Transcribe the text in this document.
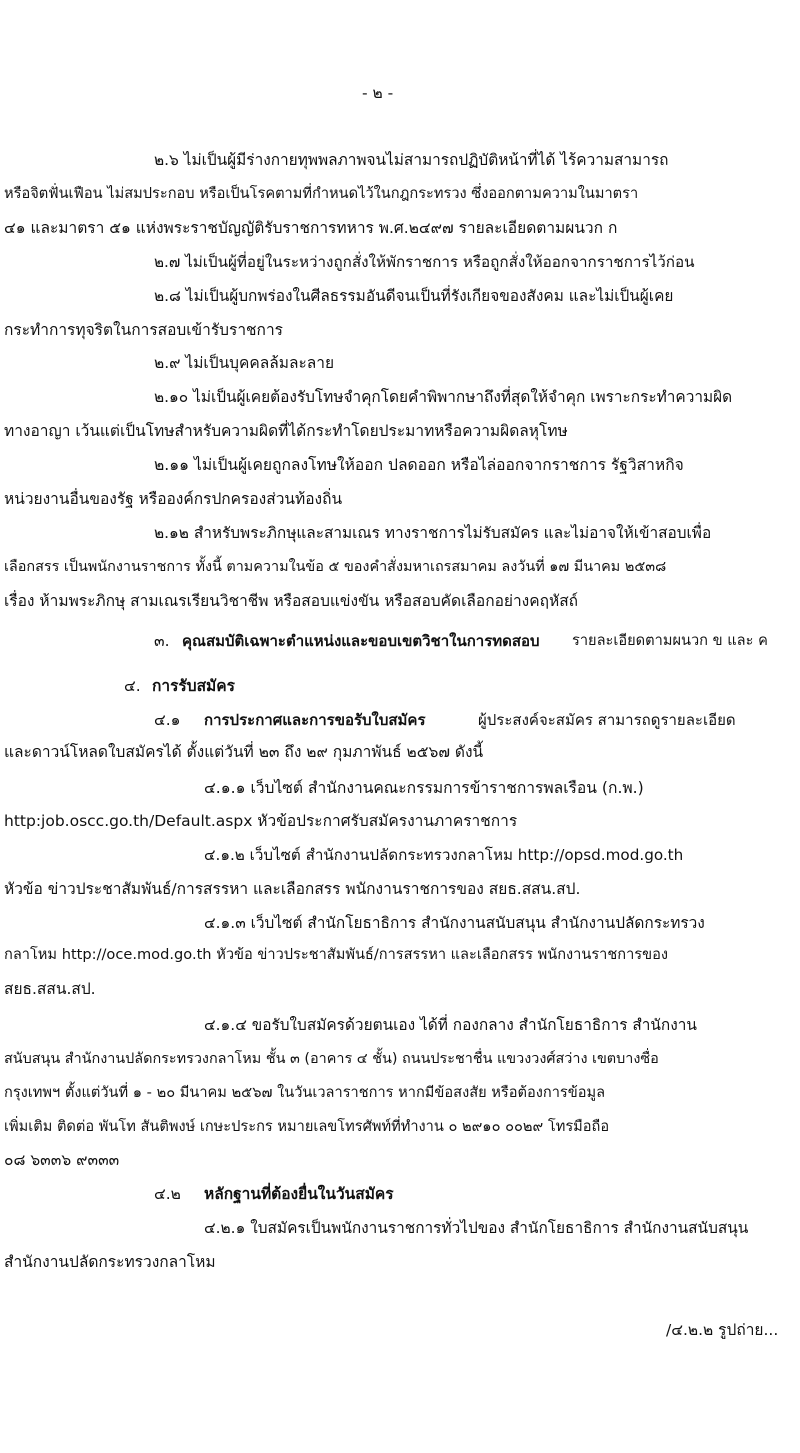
- ๒ -
๒.๖ ไม่เป็นผู้มีร่างกายทุพพลภาพจนไม่สามารถปฏิบัติหน้าที่ได้ ไร้ความสามารถ
หรือจิตฟั่นเฟือน ไม่สมประกอบ หรือเป็นโรคตามที่กำหนดไว้ในกฎกระทรวง ซึ่งออกตามความในมาตรา
๔๑ และมาตรา ๕๑ แห่งพระราชบัญญัติรับราชการทหาร พ.ศ.๒๔๙๗ รายละเอียดตามผนวก ก
๒.๗ ไม่เป็นผู้ที่อยู่ในระหว่างถูกสั่งให้พักราชการ หรือถูกสั่งให้ออกจากราชการไว้ก่อน
๒.๘ ไม่เป็นผู้บกพร่องในศีลธรรมอันดีจนเป็นที่รังเกียจของสังคม และไม่เป็นผู้เคย
กระทำการทุจริตในการสอบเข้ารับราชการ
๒.๙ ไม่เป็นบุคคลล้มละลาย
๒.๑๐ ไม่เป็นผู้เคยต้องรับโทษจำคุกโดยคำพิพากษาถึงที่สุดให้จำคุก เพราะกระทำความผิด
ทางอาญา เว้นแต่เป็นโทษสำหรับความผิดที่ได้กระทำโดยประมาทหรือความผิดลหุโทษ
๒.๑๑ ไม่เป็นผู้เคยถูกลงโทษให้ออก ปลดออก หรือไล่ออกจากราชการ รัฐวิสาหกิจ
หน่วยงานอื่นของรัฐ หรือองค์กรปกครองส่วนท้องถิ่น
๒.๑๒ สำหรับพระภิกษุและสามเณร ทางราชการไม่รับสมัคร และไม่อาจให้เข้าสอบเพื่อ
เลือกสรร เป็นพนักงานราชการ ทั้งนี้ ตามความในข้อ ๕ ของคำสั่งมหาเถรสมาคม ลงวันที่ ๑๗ มีนาคม ๒๕๓๘
เรื่อง ห้ามพระภิกษุ สามเณรเรียนวิชาชีพ หรือสอบแข่งขัน หรือสอบคัดเลือกอย่างคฤหัสถ์
๓. คุณสมบัติเฉพาะตำแหน่งและขอบเขตวิชาในการทดสอบ รายละเอียดตามผนวก ข และ ค
๔. การรับสมัคร
๔.๑ การประกาศและการขอรับใบสมัคร	ผู้ประสงค์จะสมัคร สามารถดูรายละเอียด
และดาวน์โหลดใบสมัครได้ ตั้งแต่วันที่ ๒๓ ถึง ๒๙ กุมภาพันธ์ ๒๕๖๗ ดังนี้
๔.๑.๑ เว็บไซต์ สำนักงานคณะกรรมการข้าราชการพลเรือน (ก.พ.)
http:job.oscc.go.th/Default.aspx หัวข้อประกาศรับสมัครงานภาคราชการ
๔.๑.๒ เว็บไซต์ สำนักงานปลัดกระทรวงกลาโหม http://opsd.mod.go.th
หัวข้อ ข่าวประชาสัมพันธ์/การสรรหา และเลือกสรร พนักงานราชการของ สยธ.สสน.สป.
๔.๑.๓ เว็บไซต์ สำนักโยธาธิการ สำนักงานสนับสนุน สำนักงานปลัดกระทรวง
กลาโหม http://oce.mod.go.th หัวข้อ ข่าวประชาสัมพันธ์/การสรรหา และเลือกสรร พนักงานราชการของ
สยธ.สสน.สป.
๔.๑.๔ ขอรับใบสมัครด้วยตนเอง ได้ที่ กองกลาง สำนักโยธาธิการ สำนักงาน
สนับสนุน สำนักงานปลัดกระทรวงกลาโหม ชั้น ๓ (อาคาร ๔ ชั้น) ถนนประชาชื่น แขวงวงศ์สว่าง เขตบางซื่อ
กรุงเทพฯ ตั้งแต่วันที่ ๑ - ๒๐ มีนาคม ๒๕๖๗ ในวันเวลาราชการ หากมีข้อสงสัย หรือต้องการข้อมูล
เพิ่มเติม ติดต่อ พันโท สันติพงษ์ เกษะประกร หมายเลขโทรศัพท์ที่ทำงาน ๐ ๒๙๑๐ ๐๐๒๙ โทรมือถือ
๐๘ ๖๓๓๖ ๙๓๓๓
๔.๒ หลักฐานที่ต้องยื่นในวันสมัคร
๔.๒.๑ ใบสมัครเป็นพนักงานราชการทั่วไปของ สำนักโยธาธิการ สำนักงานสนับสนุน
สำนักงานปลัดกระทรวงกลาโหม
/๔.๒.๒ รูปถ่าย...
